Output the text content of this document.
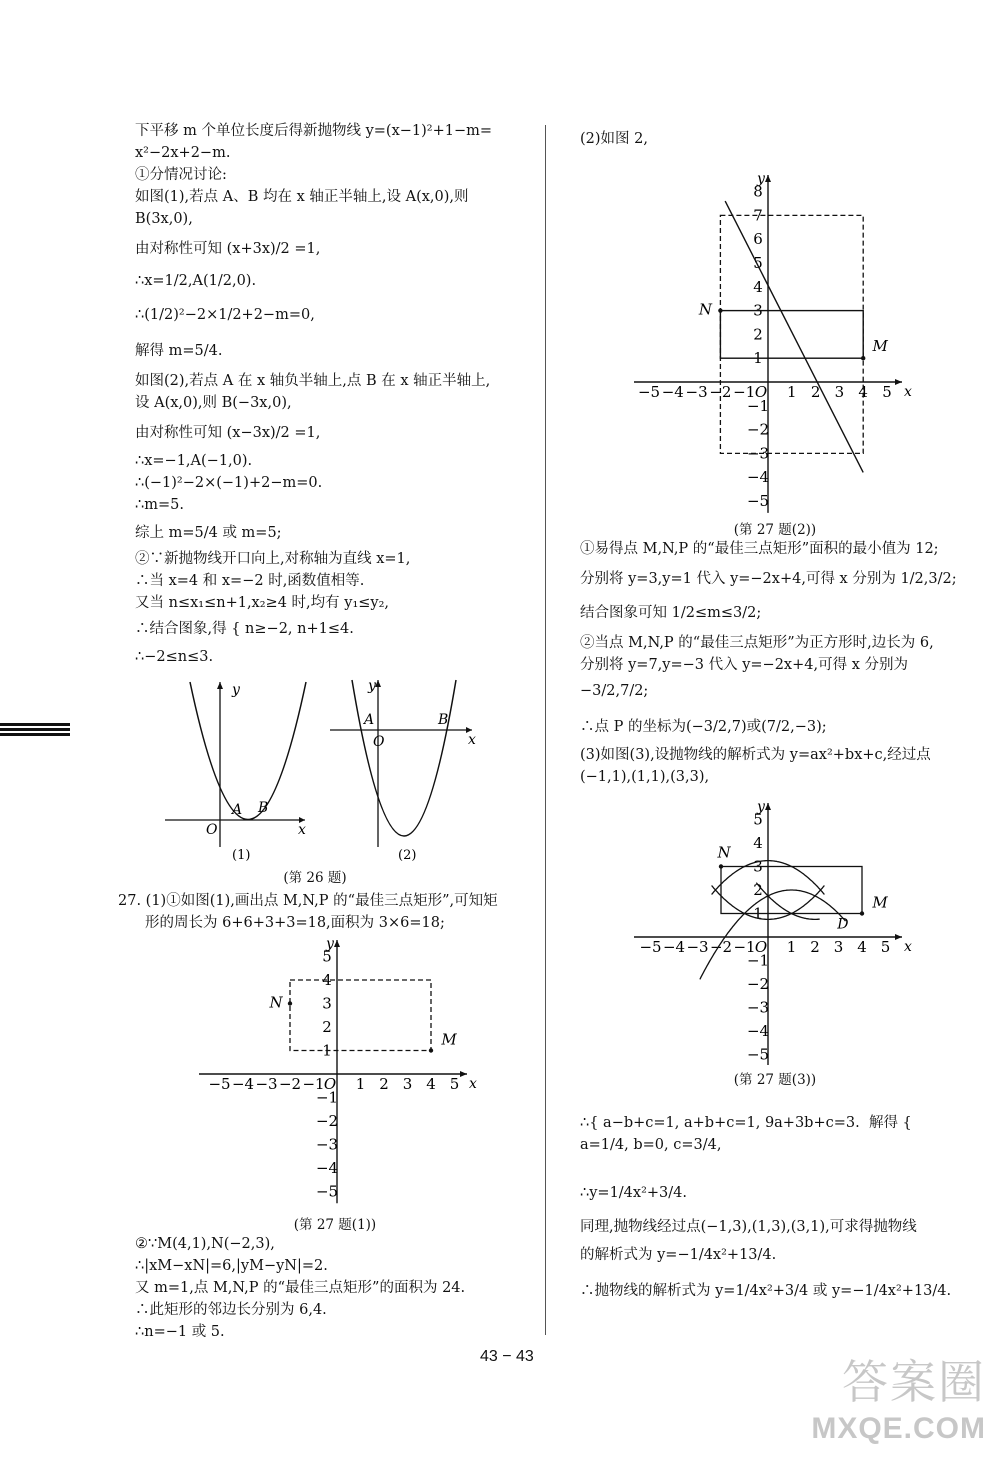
下平移 m 个单位长度后得新抛物线 y=(x−1)²+1−m=

x²−2x+2−m.

①分情况讨论:

如图(1),若点 A、B 均在 x 轴正半轴上,设 A(x,0),则

B(3x,0),

由对称性可知 (x+3x)/2 =1,

∴x=1/2,A(1/2,0).

∴(1/2)²−2×1/2+2−m=0,

解得 m=5/4.

如图(2),若点 A 在 x 轴负半轴上,点 B 在 x 轴正半轴上,

设 A(x,0),则 B(−3x,0),

由对称性可知 (x−3x)/2 =1,

∴x=−1,A(−1,0).

∴(−1)²−2×(−1)+2−m=0.

∴m=5.

综上 m=5/4 或 m=5;

②∵新抛物线开口向上,对称轴为直线 x=1,

∴当 x=4 和 x=−2 时,函数值相等.

又当 n≤x₁≤n+1,x₂≥4 时,均有 y₁≤y₂,

∴结合图象,得 { n≥−2, n+1≤4.

∴−2≤n≤3.

y
x
O
A B
(1)
y
x
O
A	B
(2)
(第 26 题)

27. (1)①如图(1),画出点 M,N,P 的“最佳三点矩形”,可知矩

形的周长为 6+6+3+3=18,面积为 3×6=18;

−5 −4 −3 −2 −1 O 1 2 3 4 5 x
1
2
3
4
5
−1
−2
−3
−4
−5
y
M
N
(第 27 题(1))

②∵M(4,1),N(−2,3),

∴|xM−xN|=6,|yM−yN|=2.

又 m=1,点 M,N,P 的“最佳三点矩形”的面积为 24.

∴此矩形的邻边长分别为 6,4.

∴n=−1 或 5.

(2)如图 2,

−5 −4 −3 −2 −1 O 1 2 3 4 5 x
1
2
3
4
5
6
7
8
−1
−2
−3
−4
−5
y
M
N
(第 27 题(2))

①易得点 M,N,P 的“最佳三点矩形”面积的最小值为 12;

分别将 y=3,y=1 代入 y=−2x+4,可得 x 分别为 1/2,3/2;

结合图象可知 1/2≤m≤3/2;

②当点 M,N,P 的“最佳三点矩形”为正方形时,边长为 6,

分别将 y=7,y=−3 代入 y=−2x+4,可得 x 分别为

−3/2,7/2;

∴点 P 的坐标为(−3/2,7)或(7/2,−3);

(3)如图(3),设抛物线的解析式为 y=ax²+bx+c,经过点

(−1,1),(1,1),(3,3),

−5 −4 −3 −2 −1 O 1 2 3 4 5 x
1
2
3
4
5
−1
−2
−3
−4
−5
y
M
N
D
(第 27 题(3))

∴{ a−b+c=1, a+b+c=1, 9a+3b+c=3.  解得 { a=1/4, b=0, c=3/4,

∴y=1/4x²+3/4.

同理,抛物线经过点(−1,3),(1,3),(3,1),可求得抛物线

的解析式为 y=−1/4x²+13/4.

∴抛物线的解析式为 y=1/4x²+3/4 或 y=−1/4x²+13/4.

43 − 43	答案圈
MXQE.COM
